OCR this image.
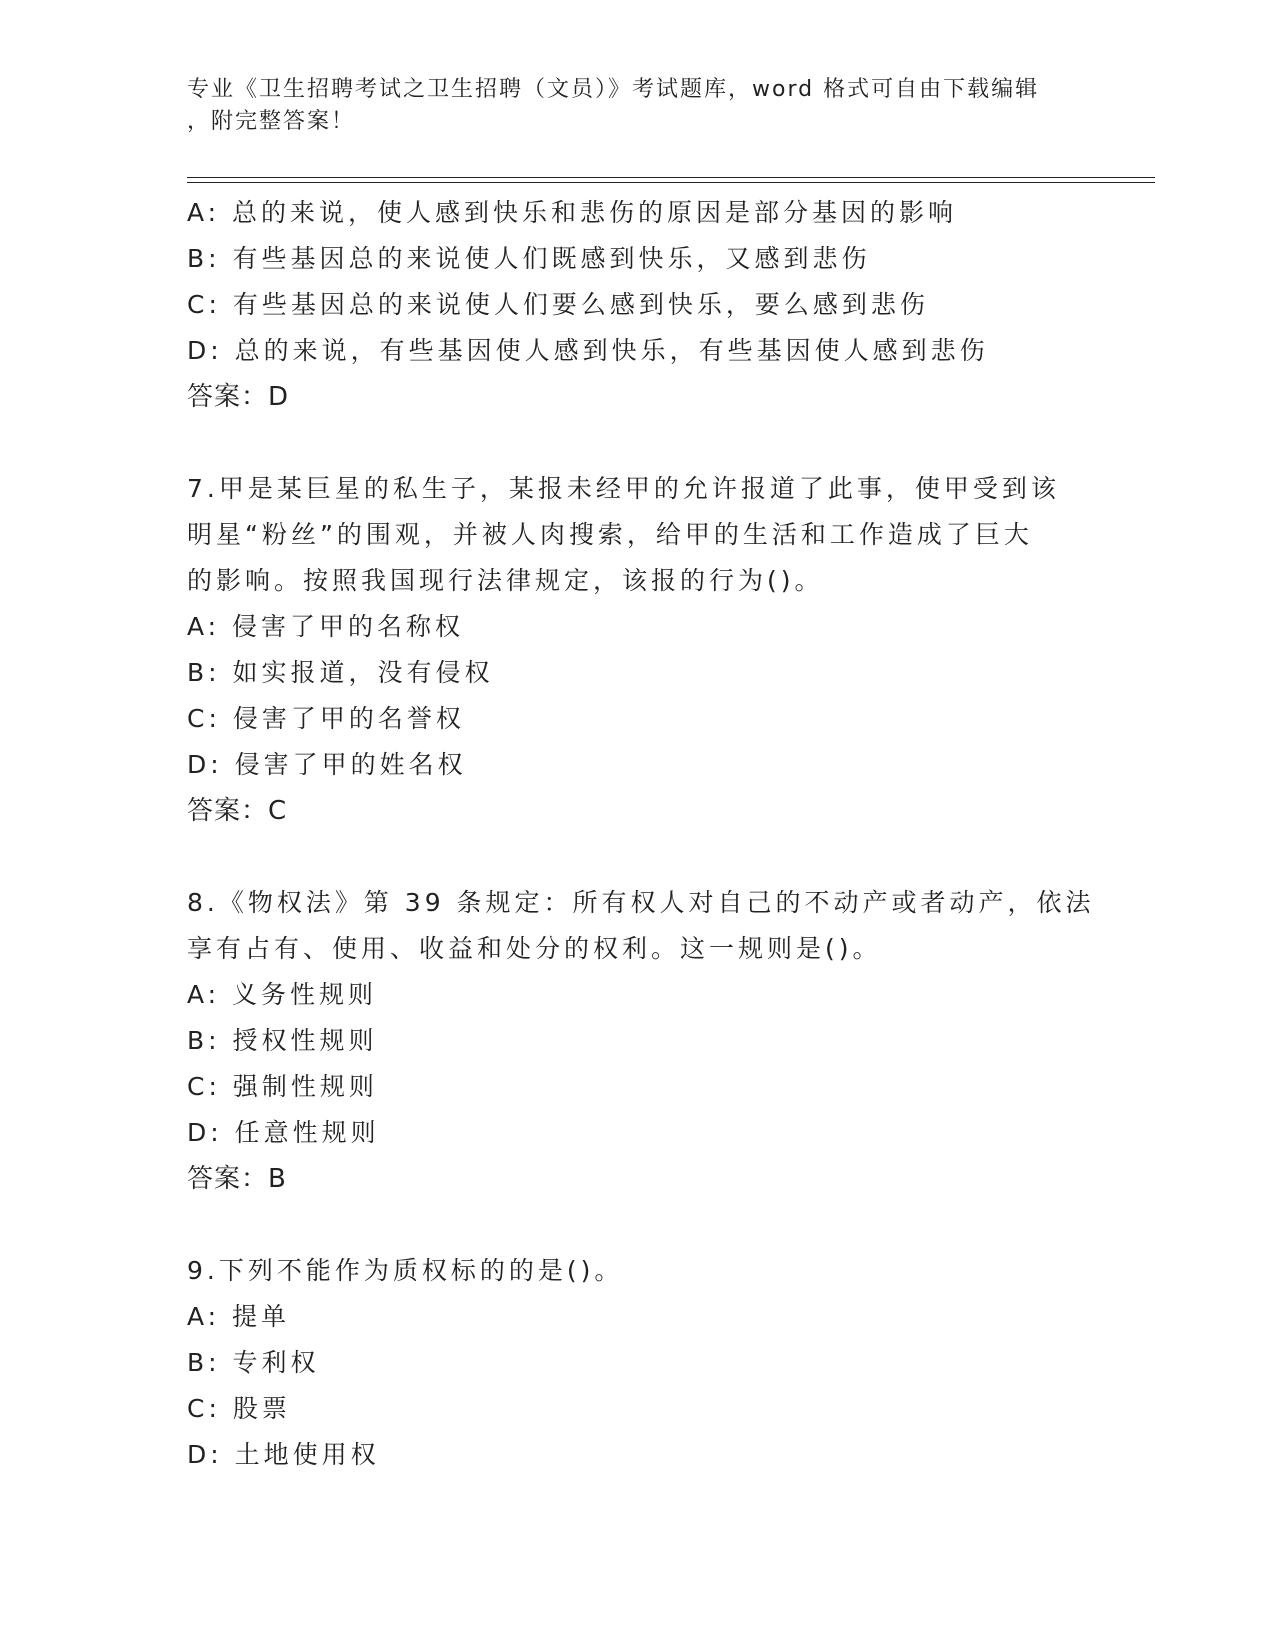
专业《卫生招聘考试之卫生招聘（文员）》考试题库，word 格式可自由下载编辑
，附完整答案！
A: 总的来说，使人感到快乐和悲伤的原因是部分基因的影响
B: 有些基因总的来说使人们既感到快乐，又感到悲伤
C: 有些基因总的来说使人们要么感到快乐，要么感到悲伤
D: 总的来说，有些基因使人感到快乐，有些基因使人感到悲伤
答案：D
7.甲是某巨星的私生子，某报未经甲的允许报道了此事，使甲受到该
明星“粉丝”的围观，并被人肉搜索，给甲的生活和工作造成了巨大
的影响。按照我国现行法律规定，该报的行为()。
A: 侵害了甲的名称权
B: 如实报道，没有侵权
C: 侵害了甲的名誉权
D: 侵害了甲的姓名权
答案：C
8.《物权法》第 39 条规定：所有权人对自己的不动产或者动产，依法
享有占有、使用、收益和处分的权利。这一规则是()。
A: 义务性规则
B: 授权性规则
C: 强制性规则
D: 任意性规则
答案：B
9.下列不能作为质权标的的是()。
A: 提单
B: 专利权
C: 股票
D: 土地使用权
